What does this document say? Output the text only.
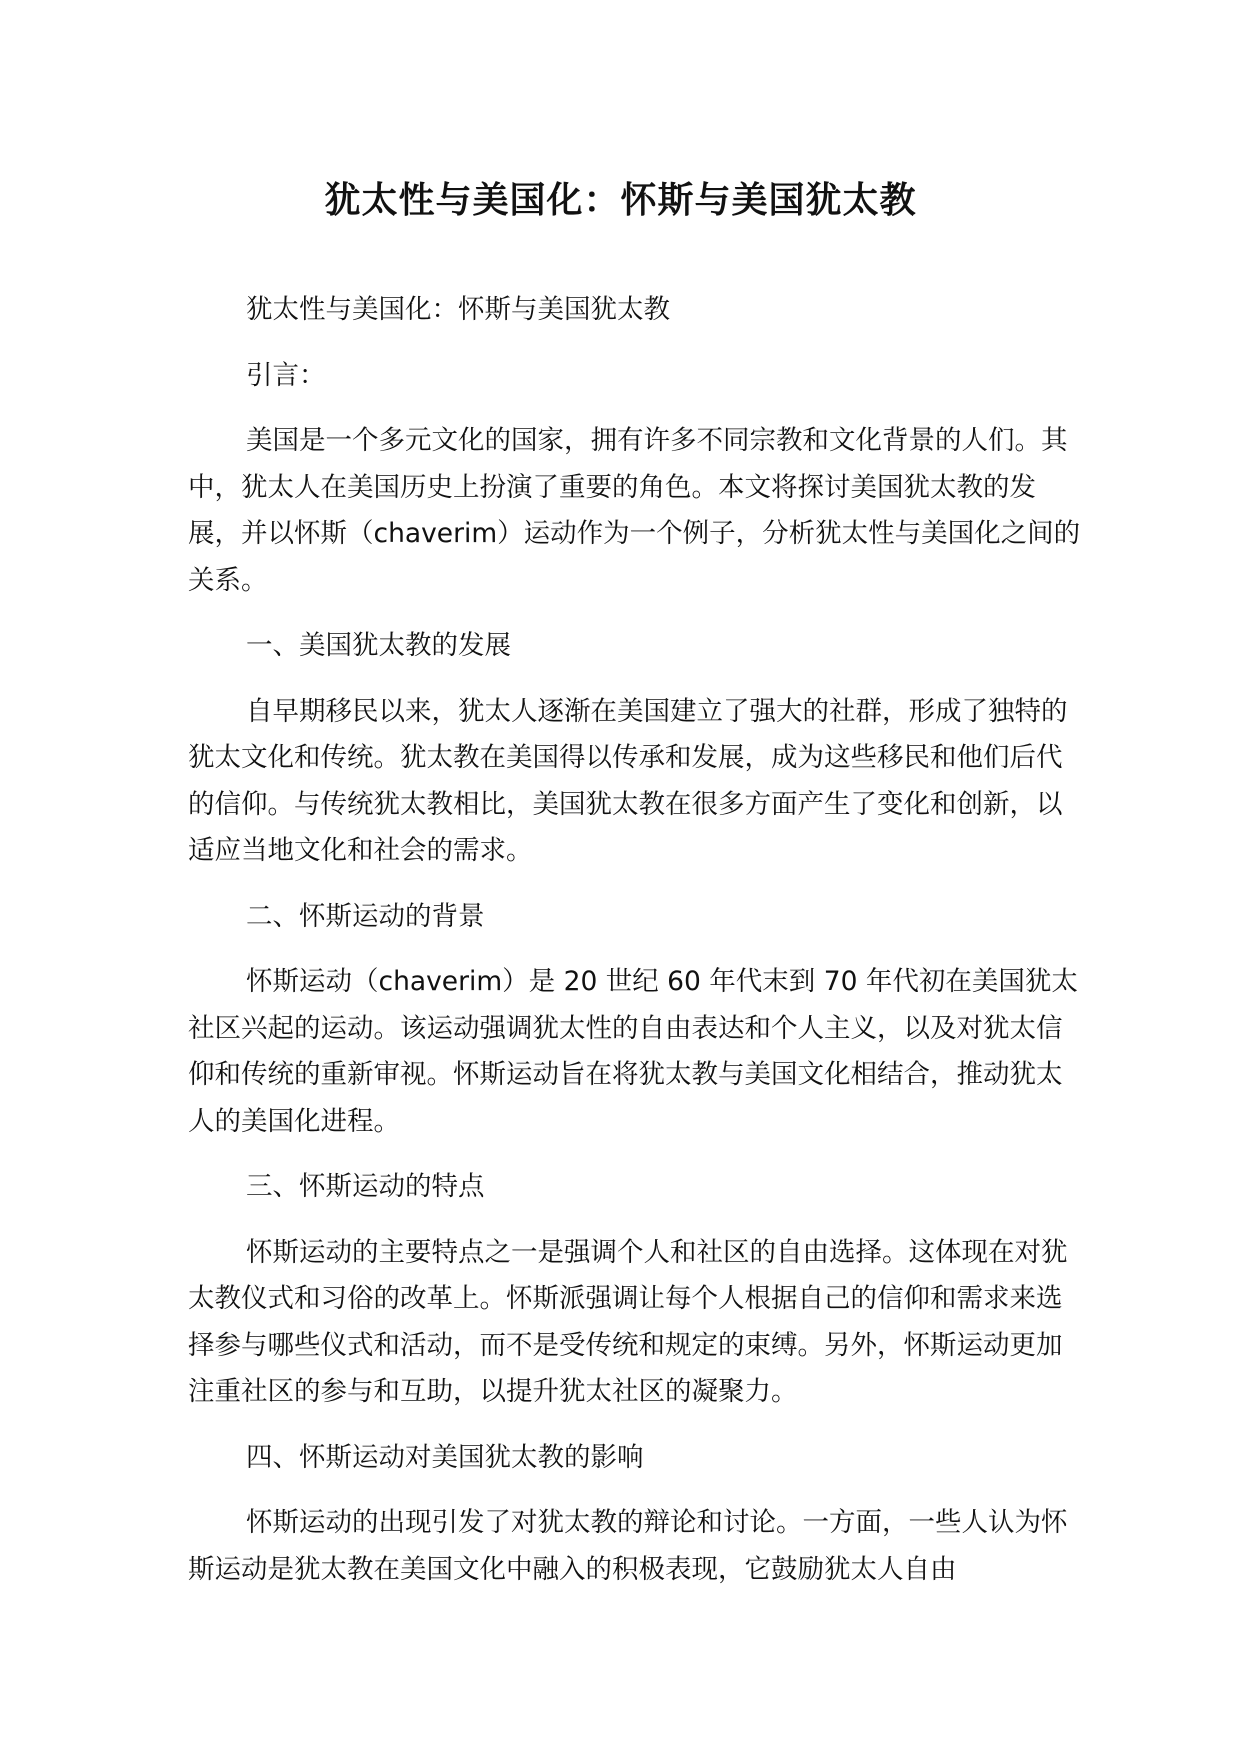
犹太性与美国化：怀斯与美国犹太教

犹太性与美国化：怀斯与美国犹太教

引言：

美国是一个多元文化的国家，拥有许多不同宗教和文化背景的人们。其中，犹太人在美国历史上扮演了重要的角色。本文将探讨美国犹太教的发展，并以怀斯（chaverim）运动作为一个例子，分析犹太性与美国化之间的关系。

一、美国犹太教的发展

自早期移民以来，犹太人逐渐在美国建立了强大的社群，形成了独特的犹太文化和传统。犹太教在美国得以传承和发展，成为这些移民和他们后代的信仰。与传统犹太教相比，美国犹太教在很多方面产生了变化和创新，以适应当地文化和社会的需求。

二、怀斯运动的背景

怀斯运动（chaverim）是 20 世纪 60 年代末到 70 年代初在美国犹太社区兴起的运动。该运动强调犹太性的自由表达和个人主义，以及对犹太信仰和传统的重新审视。怀斯运动旨在将犹太教与美国文化相结合，推动犹太人的美国化进程。

三、怀斯运动的特点

怀斯运动的主要特点之一是强调个人和社区的自由选择。这体现在对犹太教仪式和习俗的改革上。怀斯派强调让每个人根据自己的信仰和需求来选择参与哪些仪式和活动，而不是受传统和规定的束缚。另外，怀斯运动更加注重社区的参与和互助，以提升犹太社区的凝聚力。

四、怀斯运动对美国犹太教的影响

怀斯运动的出现引发了对犹太教的辩论和讨论。一方面，一些人认为怀斯运动是犹太教在美国文化中融入的积极表现，它鼓励犹太人自由
